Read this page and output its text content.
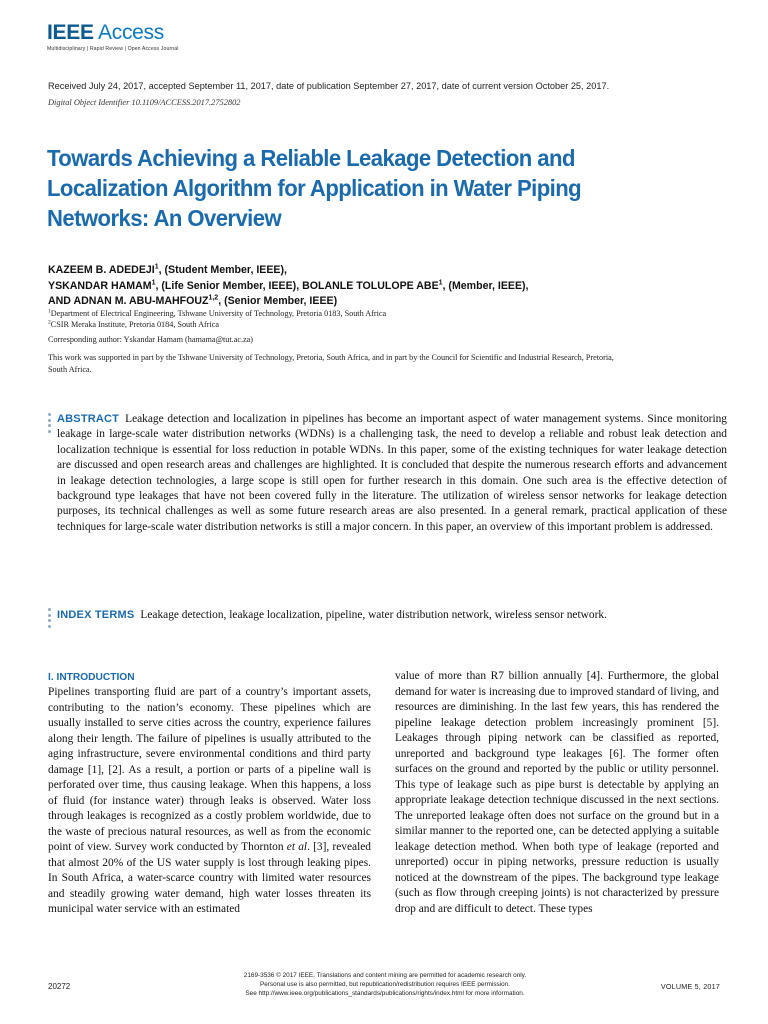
IEEE Access
Multidisciplinary | Rapid Review | Open Access Journal
Received July 24, 2017, accepted September 11, 2017, date of publication September 27, 2017, date of current version October 25, 2017.
Digital Object Identifier 10.1109/ACCESS.2017.2752802
Towards Achieving a Reliable Leakage Detection and Localization Algorithm for Application in Water Piping Networks: An Overview
KAZEEM B. ADEDEJI$^1$, (Student Member, IEEE),
YSKANDAR HAMAM$^1$, (Life Senior Member, IEEE), BOLANLE TOLULOPE ABE$^1$, (Member, IEEE),
AND ADNAN M. ABU-MAHFOUZ$^{1,2}$, (Senior Member, IEEE)
$^1$Department of Electrical Engineering, Tshwane University of Technology, Pretoria 0183, South Africa
$^2$CSIR Meraka Institute, Pretoria 0184, South Africa
Corresponding author: Yskandar Hamam (hamama@tut.ac.za)
This work was supported in part by the Tshwane University of Technology, Pretoria, South Africa, and in part by the Council for Scientific and Industrial Research, Pretoria, South Africa.
ABSTRACT Leakage detection and localization in pipelines has become an important aspect of water management systems. Since monitoring leakage in large-scale water distribution networks (WDNs) is a challenging task, the need to develop a reliable and robust leak detection and localization technique is essential for loss reduction in potable WDNs. In this paper, some of the existing techniques for water leakage detection are discussed and open research areas and challenges are highlighted. It is concluded that despite the numerous research efforts and advancement in leakage detection technologies, a large scope is still open for further research in this domain. One such area is the effective detection of background type leakages that have not been covered fully in the literature. The utilization of wireless sensor networks for leakage detection purposes, its technical challenges as well as some future research areas are also presented. In a general remark, practical application of these techniques for large-scale water distribution networks is still a major concern. In this paper, an overview of this important problem is addressed.
INDEX TERMS Leakage detection, leakage localization, pipeline, water distribution network, wireless sensor network.
I. INTRODUCTION
Pipelines transporting fluid are part of a country’s important assets, contributing to the nation’s economy. These pipelines which are usually installed to serve cities across the country, experience failures along their length. The failure of pipelines is usually attributed to the aging infrastructure, severe environmental conditions and third party damage [1], [2]. As a result, a portion or parts of a pipeline wall is perforated over time, thus causing leakage. When this happens, a loss of fluid (for instance water) through leaks is observed. Water loss through leakages is recognized as a costly problem worldwide, due to the waste of precious natural resources, as well as from the economic point of view. Survey work conducted by Thornton et al. [3], revealed that almost 20% of the US water supply is lost through leaking pipes. In South Africa, a water-scarce country with limited water resources and steadily growing water demand, high water losses threaten its municipal water service with an estimated
value of more than R7 billion annually [4]. Furthermore, the global demand for water is increasing due to improved standard of living, and resources are diminishing. In the last few years, this has rendered the pipeline leakage detection problem increasingly prominent [5]. Leakages through piping network can be classified as reported, unreported and background type leakages [6]. The former often surfaces on the ground and reported by the public or utility personnel. This type of leakage such as pipe burst is detectable by applying an appropriate leakage detection technique discussed in the next sections. The unreported leakage often does not surface on the ground but in a similar manner to the reported one, can be detected applying a suitable leakage detection method. When both type of leakage (reported and unreported) occur in piping networks, pressure reduction is usually noticed at the downstream of the pipes. The background type leakage (such as flow through creeping joints) is not characterized by pressure drop and are difficult to detect. These types
20272
2169-3536 © 2017 IEEE. Translations and content mining are permitted for academic research only.
Personal use is also permitted, but republication/redistribution requires IEEE permission.
See http://www.ieee.org/publications_standards/publications/rights/index.html for more information.
VOLUME 5, 2017
